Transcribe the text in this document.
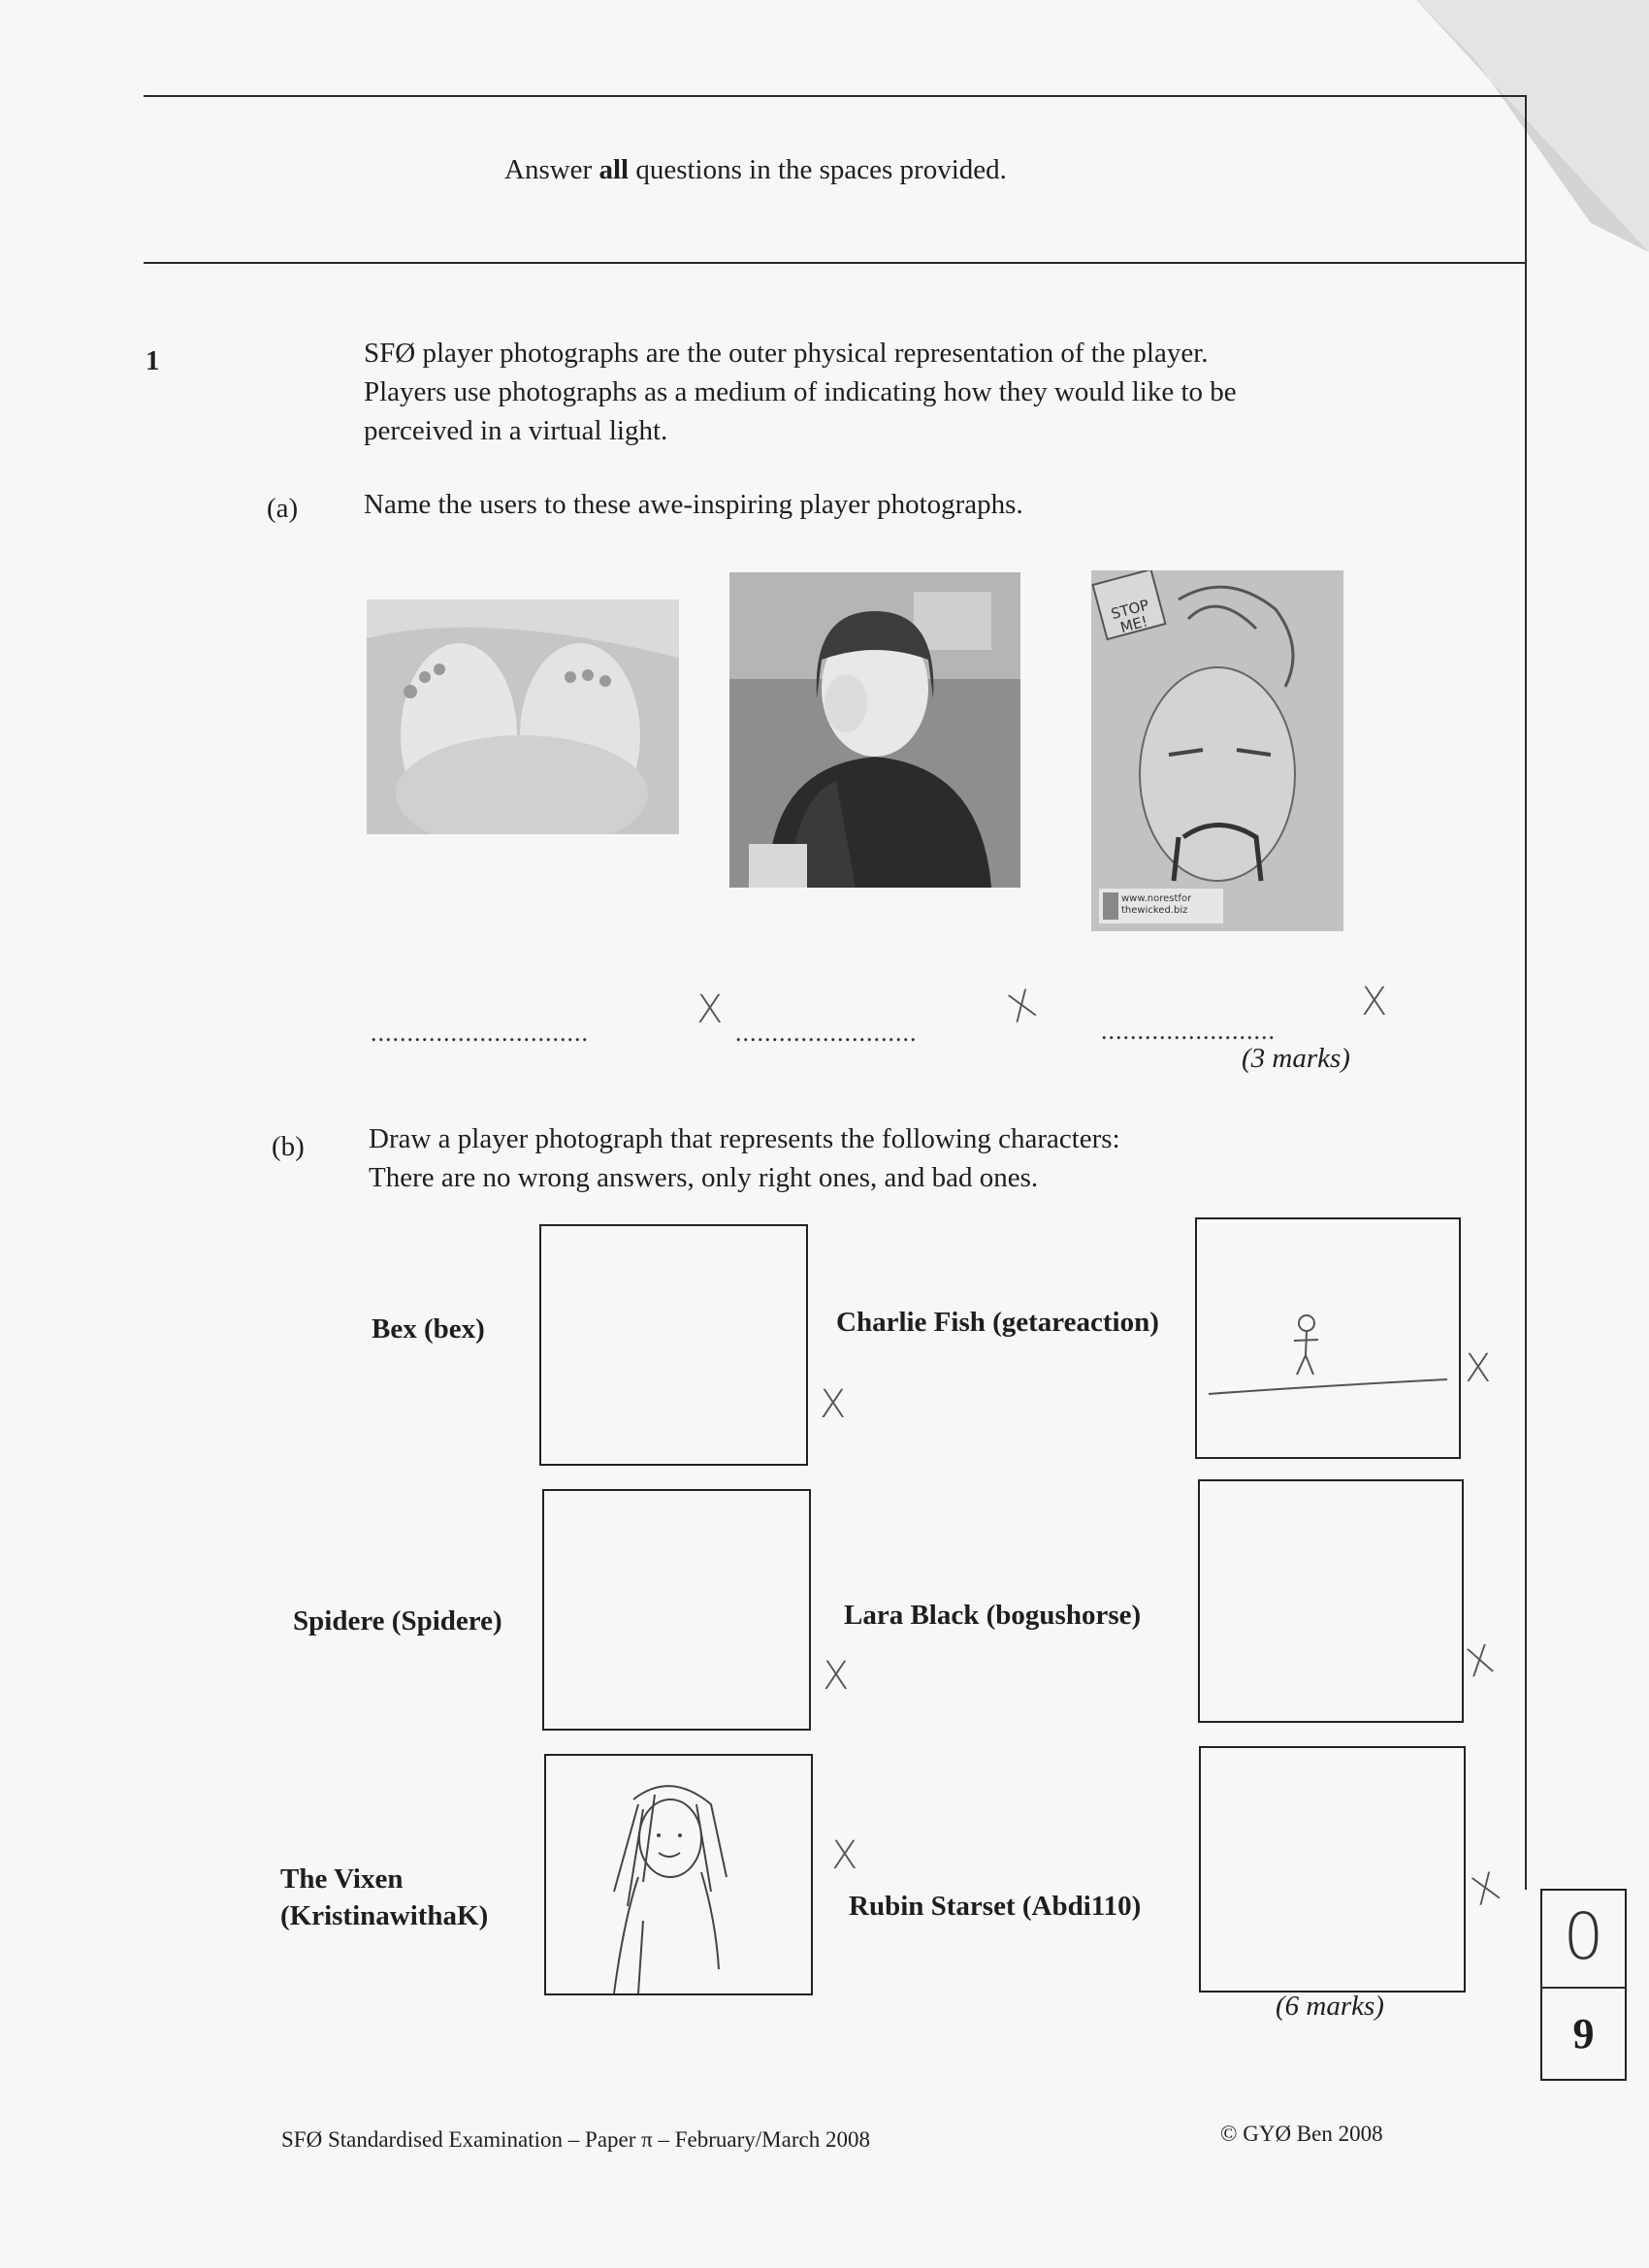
Answer all questions in the spaces provided.
1	SFØ player photographs are the outer physical representation of the player.
Players use photographs as a medium of indicating how they would like to be
perceived in a virtual light.
(a) Name the users to these awe-inspiring player photographs.
STOP ME!
www.norestfor
thewicked.biz
..............................
X
.........................
X ........................
X
(3 marks)
(b) Draw a player photograph that represents the following characters:
There are no wrong answers, only right ones, and bad ones.
Bex (bex)
X
Charlie Fish (getareaction)
X
Spidere (Spidere)
X
Lara Black (bogushorse)
X
The Vixen
(KristinawithaK)
X
Rubin Starset (Abdi110)	X
(6 marks)
0
9
SFØ Standardised Examination – Paper π – February/March 2008	© GYØ Ben 2008
